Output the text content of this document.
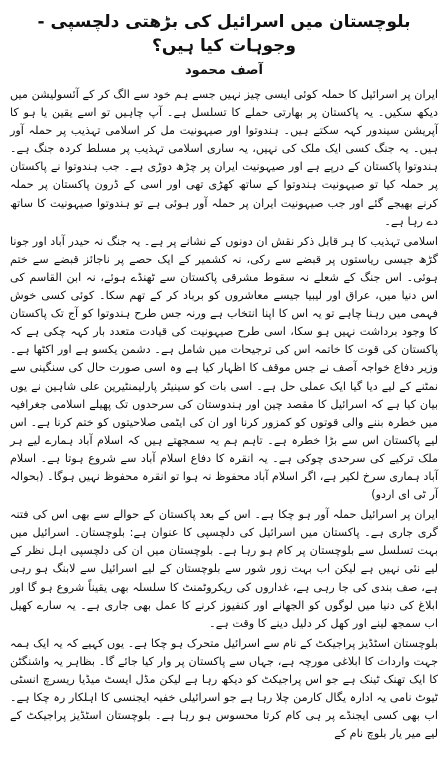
بلوچستان میں اسرائیل کی بڑھتی دلچسپی - وجوہات کیا ہیں؟
آصف محمود

ایران پر اسرائیل کا حملہ کوئی ایسی چیز نہیں جسے ہم خود سے الگ کر کے آئسولیشن میں دیکھ سکیں۔ یہ پاکستان پر بھارتی حملے کا تسلسل ہے۔ آپ چاہیں تو اسے یقین یا ہو کا آپریشن سیندور کہہ سکتے ہیں۔ ہندوتوا اور صیہونیت مل کر اسلامی تہذیب پر حملہ آور ہیں۔ یہ جنگ کسی ایک ملک کی نہیں، یہ ساری اسلامی تہذیب پر مسلط کردہ جنگ ہے۔ ہندوتوا پاکستان کے درپے ہے اور صیہونیت ایران پر چڑھ دوڑی ہے۔ جب ہندوتوا نے پاکستان پر حملہ کیا تو صیہونیت ہندوتوا کے ساتھ کھڑی تھی اور اسی کے ڈرون پاکستان پر حملہ کرنے بھیجے گئے اور جب صیہونیت ایران پر حملہ آور ہوئی ہے تو ہندوتوا صیہونیت کا ساتھ دے رہا ہے۔

اسلامی تہذیب کا ہر قابل ذکر نقش ان دونوں کے نشانے پر ہے۔ یہ جنگ نہ حیدر آباد اور جونا گڑھ جیسی ریاستوں پر قبضے سے رکی، نہ کشمیر کے ایک حصے پر ناجائز قبضے سے ختم ہوئی۔ اس جنگ کے شعلے نہ سقوط مشرقی پاکستان سے ٹھنڈے ہوئے، نہ ابن القاسم کی اس دنیا میں، عراق اور لیبیا جیسے معاشروں کو برباد کر کے تھم سکا۔ کوئی کسی خوش فہمی میں رہنا چاہے تو یہ اس کا اپنا انتخاب ہے ورنہ جس طرح ہندوتوا کو آج تک پاکستان کا وجود برداشت نہیں ہو سکا، اسی طرح صیہونیت کی قیادت متعدد بار کہہ چکی ہے کہ پاکستان کی قوت کا خاتمہ اس کی ترجیحات میں شامل ہے۔ دشمن یکسو ہے اور اکٹھا ہے۔ وزیر دفاع خواجہ آصف نے جس موقف کا اظہار کیا ہے وہ اسی صورت حال کی سنگینی سے نمٹنے کے لیے دیا گیا ایک عملی حل ہے۔ اسی بات کو سینیٹر پارلیمنٹیرین علی شاہین نے یوں بیان کیا ہے کہ اسرائیل کا مقصد چین اور ہندوستان کی سرحدوں تک پھیلے اسلامی جغرافیہ میں خطرہ بننے والی قوتوں کو کمزور کرنا اور ان کی ایٹمی صلاحیتوں کو ختم کرنا ہے۔ اس لیے پاکستان اس سے بڑا خطرہ ہے۔ تاہم ہم یہ سمجھتے ہیں کہ اسلام آباد ہمارے لیے ہر ملک ترکیے کی سرحدی چوکی ہے۔ یہ انقرہ کا دفاع اسلام آباد سے شروع ہوتا ہے۔ اسلام آباد ہماری سرخ لکیر ہے، اگر اسلام آباد محفوظ نہ ہوا تو انقرہ محفوظ نہیں ہوگا۔ (بحوالہ آر ٹی ای اردو)

ایران پر اسرائیل حملہ آور ہو چکا ہے۔ اس کے بعد پاکستان کے حوالے سے بھی اس کی فتنہ گری جاری ہے۔ پاکستان میں اسرائیل کی دلچسپی کا عنوان ہے: بلوچستان۔ اسرائیل میں بہت تسلسل سے بلوچستان پر کام ہو رہا ہے۔ بلوچستان میں ان کی دلچسپی اہل نظر کے لیے نئی نہیں ہے لیکن اب بہت زور شور سے بلوچستان کے لیے اسرائیل سے لابنگ ہو رہی ہے، صف بندی کی جا رہی ہے، غداروں کی ریکروٹمنٹ کا سلسلہ بھی یقیناً شروع ہو گا اور ابلاغ کی دنیا میں لوگوں کو الجھانے اور کنفیوز کرنے کا عمل بھی جاری ہے۔ یہ سارے کھیل اب سمجھ لینے اور کھل کر دلیل دینے کا وقت ہے۔

بلوچستان اسٹڈیز پراجیکٹ کے نام سے اسرائیل متحرک ہو چکا ہے۔ یوں کہیے کہ یہ ایک ہمہ جہت واردات کا ابلاغی مورچہ ہے، جہاں سے پاکستان پر وار کیا جائے گا۔ بظاہر یہ واشنگٹن کا ایک تھنک ٹینک ہے جو اس پراجیکٹ کو دیکھ رہا ہے لیکن مڈل ایسٹ میڈیا ریسرچ انسٹی ٹیوٹ نامی یہ ادارہ یگال کارمن چلا رہا ہے جو اسرائیلی خفیہ ایجنسی کا اہلکار رہ چکا ہے۔ اب بھی کسی ایجنڈے پر ہی کام کرتا محسوس ہو رہا ہے۔ بلوچستان اسٹڈیز پراجیکٹ کے لیے میر یار بلوچ نام کے
